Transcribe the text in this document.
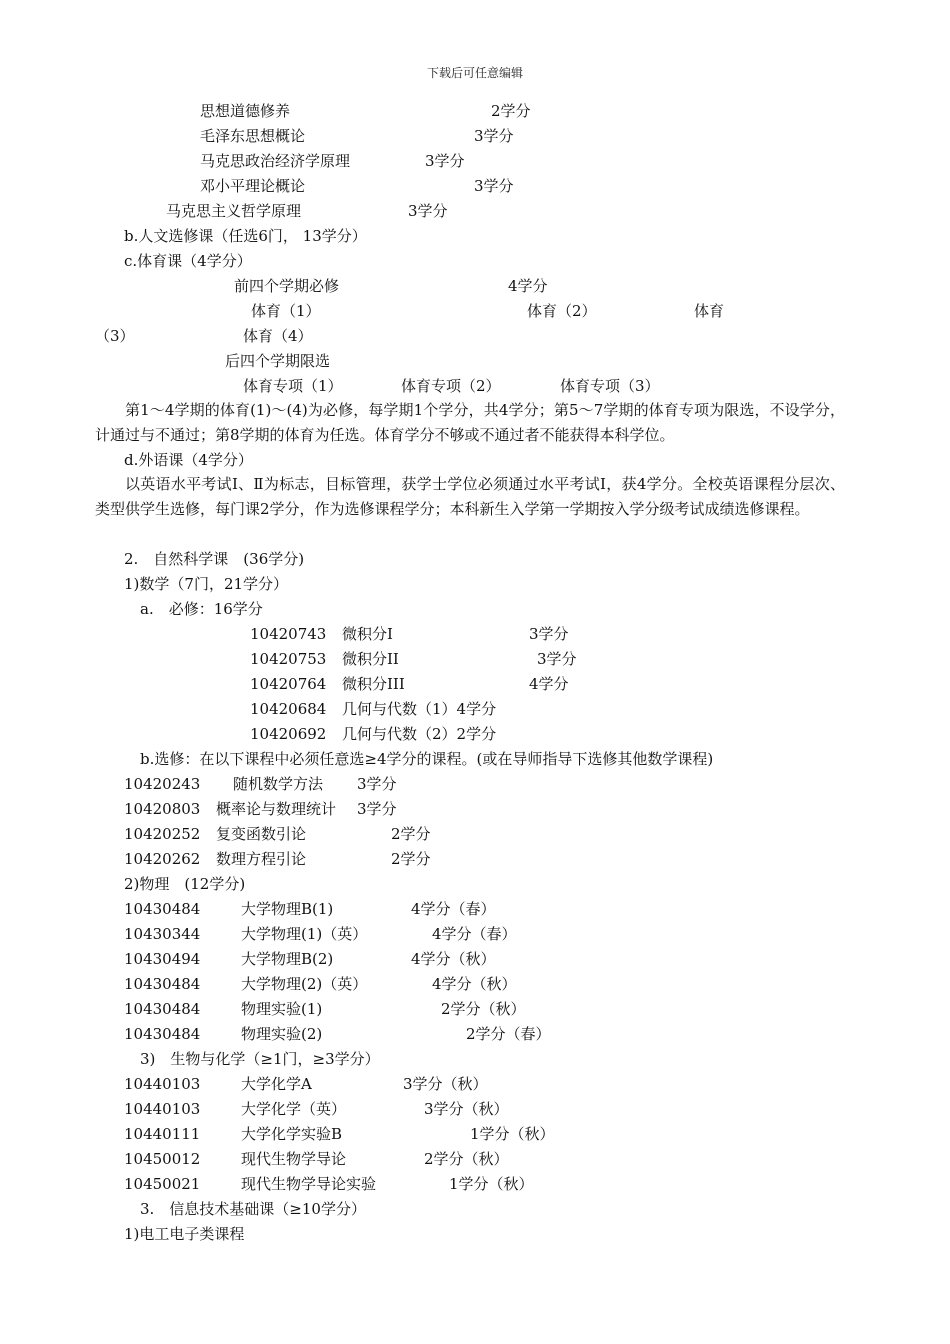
下载后可任意编辑
思想道德修养	2学分
毛泽东思想概论	3学分
马克思政治经济学原理	3学分
邓小平理论概论	3学分
马克思主义哲学原理	3学分
b.人文选修课（任选6门， 13学分）
c.体育课（4学分）
前四个学期必修	4学分
体育（1）	体育（2）	体育
（3）	体育（4）
后四个学期限选
体育专项（1）	体育专项（2）	体育专项（3）
第1～4学期的体育(1)～(4)为必修，每学期1个学分，共4学分；第5～7学期的体育专项为限选，不设学分，计通过与不通过；第8学期的体育为任选。体育学分不够或不通过者不能获得本科学位。
d.外语课（4学分）
以英语水平考试Ⅰ、Ⅱ为标志，目标管理，获学士学位必须通过水平考试Ⅰ，获4学分。全校英语课程分层次、类型供学生选修，每门课2学分，作为选修课程学分；本科新生入学第一学期按入学分级考试成绩选修课程。
2.　自然科学课　(36学分)
1)数学（7门，21学分）
a.　必修：16学分
10420743 微积分I	3学分
10420753 微积分II	3学分
10420764 微积分III	4学分
10420684 几何与代数（1）4学分
10420692 几何与代数（2）2学分
b.选修：在以下课程中必须任意选≥4学分的课程。(或在导师指导下选修其他数学课程)
10420243 随机数学方法 3学分
10420803 概率论与数理统计 3学分
10420252 复变函数引论	2学分
10420262 数理方程引论	2学分
2)物理　(12学分)
10430484	大学物理B(1)	4学分（春）
10430344	大学物理(1)（英）	4学分（春）
10430494	大学物理B(2)	4学分（秋）
10430484	大学物理(2)（英）	4学分（秋）
10430484	物理实验(1)	2学分（秋）
10430484	物理实验(2)	2学分（春）
3)　生物与化学（≥1门，≥3学分）
10440103	大学化学A	3学分（秋）
10440103	大学化学（英）	3学分（秋）
10440111	大学化学实验B	1学分（秋）
10450012	现代生物学导论	2学分（秋）
10450021	现代生物学导论实验	1学分（秋）
3.　信息技术基础课（≥10学分）
1)电工电子类课程
